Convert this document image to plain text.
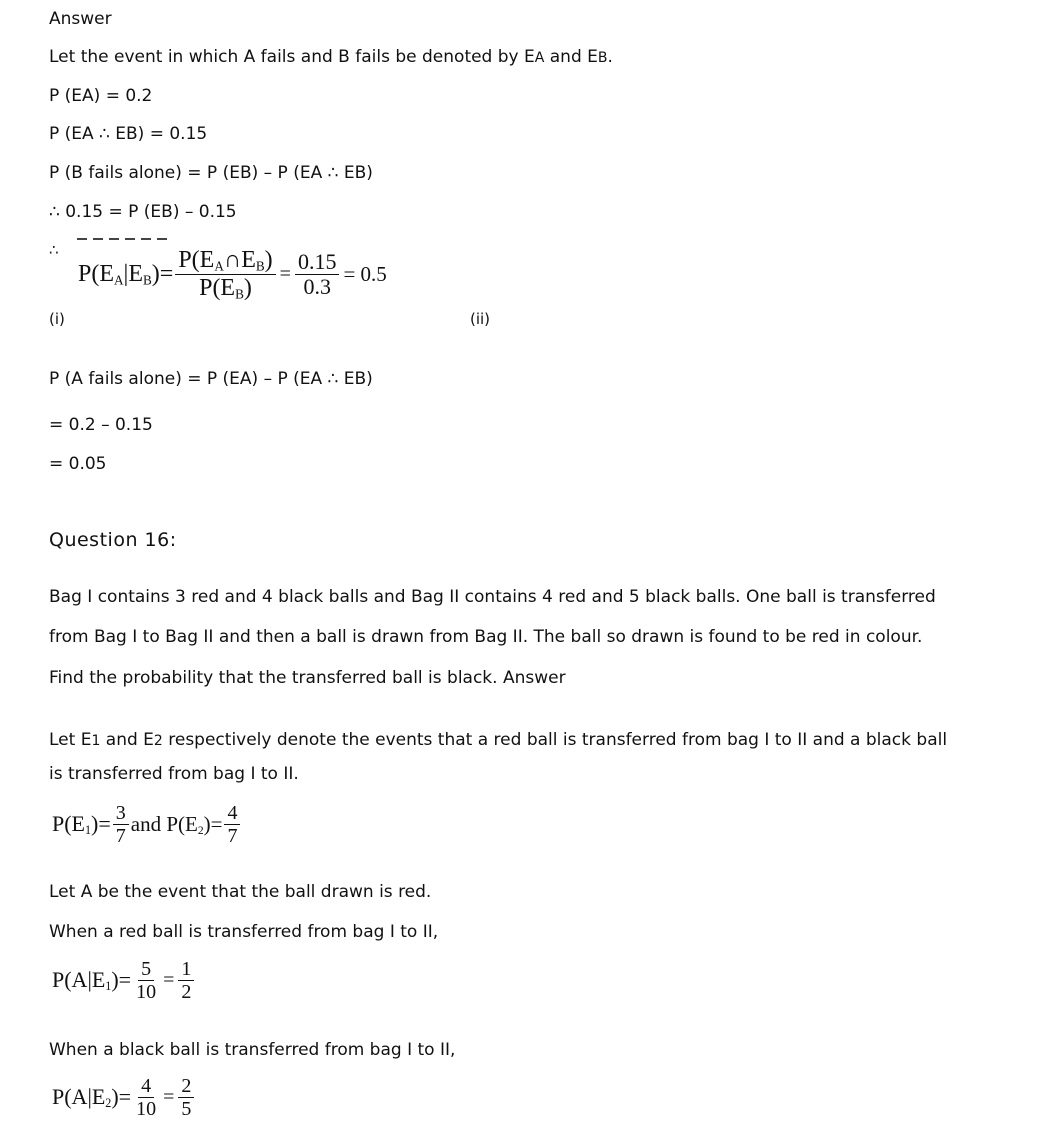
Answer
Let the event in which A fails and B fails be denoted by EA and EB.
P (EA) = 0.2
P (EA ∴ EB) = 0.15
P (B fails alone) = P (EB) – P (EA ∴ EB)
∴ 0.15 = P (EB) – 0.15
∴
$P(E_A|E_B)= \frac{P(E_A\cap E_B)}{P(E_B)} = \frac{0.15}{0.3} = 0.5$
(i)	(ii)
P (A fails alone) = P (EA) – P (EA ∴ EB)
= 0.2 – 0.15
= 0.05
Question 16:
Bag I contains 3 red and 4 black balls and Bag II contains 4 red and 5 black balls. One ball is transferred
from Bag I to Bag II and then a ball is drawn from Bag II. The ball so drawn is found to be red in colour.
Find the probability that the transferred ball is black. Answer
Let E1 and E2 respectively denote the events that a red ball is transferred from bag I to II and a black ball
is transferred from bag I to II.
$P(E_1)= \frac{3}{7}$ and $P(E_2)= \frac{4}{7}$
Let A be the event that the ball drawn is red.
When a red ball is transferred from bag I to II,
$P(A|E_1)= \frac{5}{10} = \frac{1}{2}$
When a black ball is transferred from bag I to II,
$P(A|E_2)= \frac{4}{10} = \frac{2}{5}$
